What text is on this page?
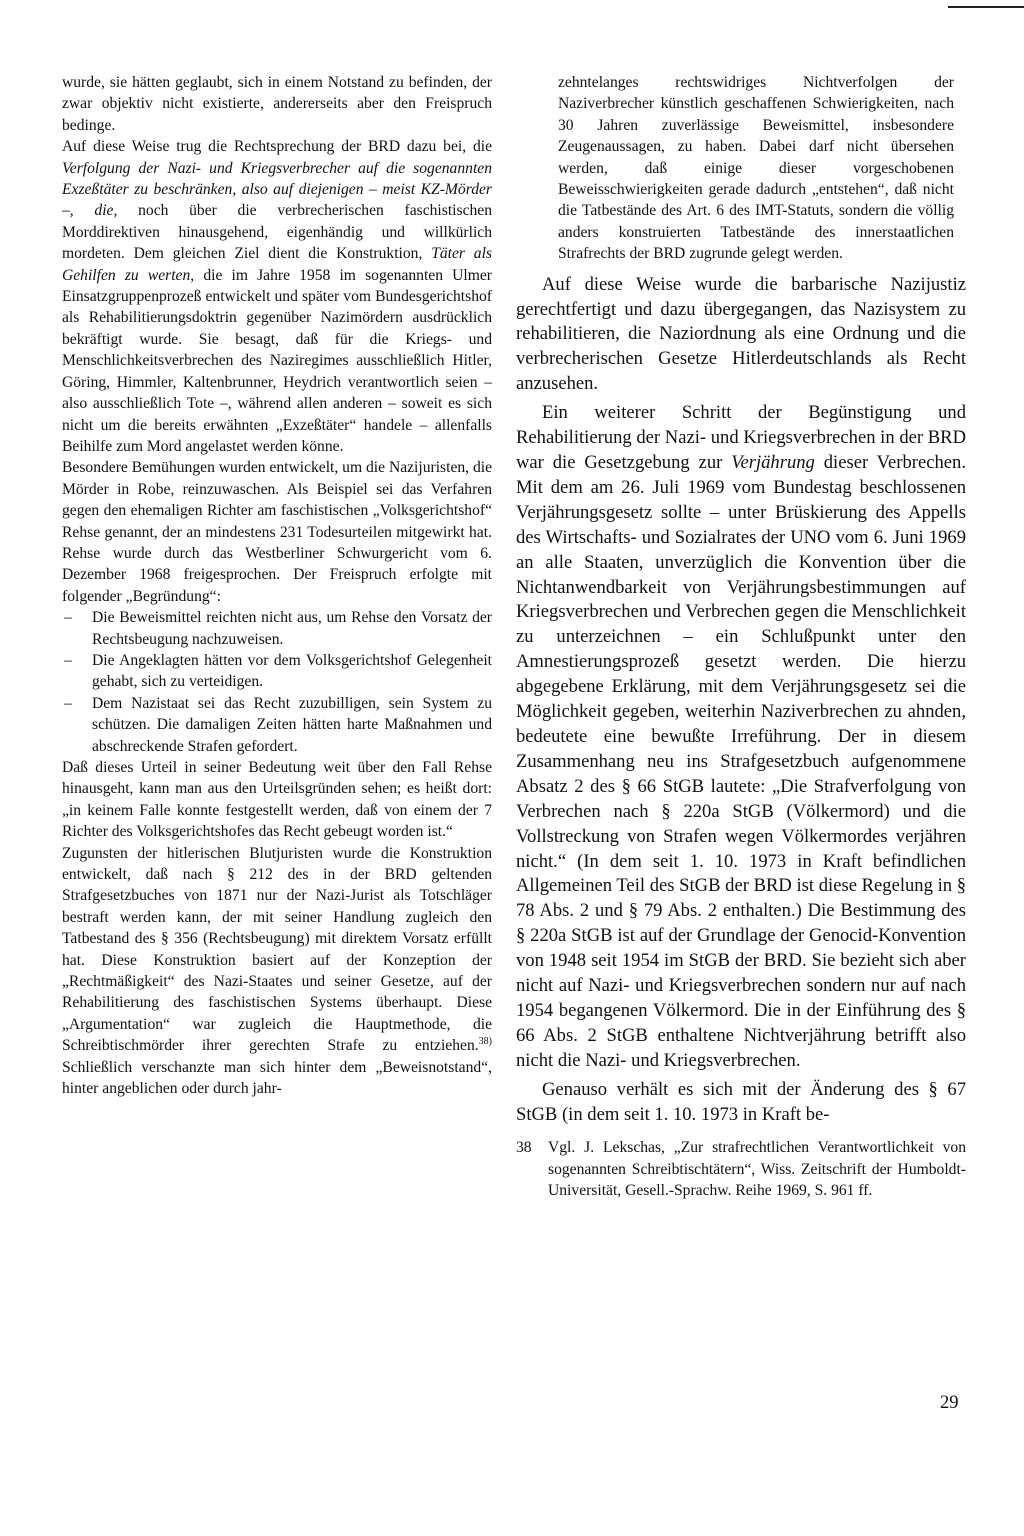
wurde, sie hätten geglaubt, sich in einem Notstand zu befinden, der zwar objektiv nicht existierte, andererseits aber den Freispruch bedinge.

Auf diese Weise trug die Rechtsprechung der BRD dazu bei, die Verfolgung der Nazi- und Kriegsverbrecher auf die sogenannten Exzeßtäter zu beschränken, also auf diejenigen – meist KZ-Mörder –, die, noch über die verbrecherischen faschistischen Morddirektiven hinausgehend, eigenhändig und willkürlich mordeten. Dem gleichen Ziel dient die Konstruktion, Täter als Gehilfen zu werten, die im Jahre 1958 im sogenannten Ulmer Einsatzgruppenprozeß entwickelt und später vom Bundesgerichtshof als Rehabilitierungsdoktrin gegenüber Nazimördern ausdrücklich bekräftigt wurde. Sie besagt, daß für die Kriegs- und Menschlichkeitsverbrechen des Naziregimes ausschließlich Hitler, Göring, Himmler, Kaltenbrunner, Heydrich verantwortlich seien – also ausschließlich Tote –, während allen anderen – soweit es sich nicht um die bereits erwähnten „Exzeßtäter“ handele – allenfalls Beihilfe zum Mord angelastet werden könne.

Besondere Bemühungen wurden entwickelt, um die Nazijuristen, die Mörder in Robe, reinzuwaschen. Als Beispiel sei das Verfahren gegen den ehemaligen Richter am faschistischen „Volksgerichtshof“ Rehse genannt, der an mindestens 231 Todesurteilen mitgewirkt hat. Rehse wurde durch das Westberliner Schwurgericht vom 6. Dezember 1968 freigesprochen. Der Freispruch erfolgte mit folgender „Begründung“:

– Die Beweismittel reichten nicht aus, um Rehse den Vorsatz der Rechtsbeugung nachzuweisen.
– Die Angeklagten hätten vor dem Volksgerichtshof Gelegenheit gehabt, sich zu verteidigen.
– Dem Nazistaat sei das Recht zuzubilligen, sein System zu schützen. Die damaligen Zeiten hätten harte Maßnahmen und abschreckende Strafen gefordert.

Daß dieses Urteil in seiner Bedeutung weit über den Fall Rehse hinausgeht, kann man aus den Urteilsgründen sehen; es heißt dort: „in keinem Falle konnte festgestellt werden, daß von einem der 7 Richter des Volksgerichtshofes das Recht gebeugt worden ist.“

Zugunsten der hitlerischen Blutjuristen wurde die Konstruktion entwickelt, daß nach § 212 des in der BRD geltenden Strafgesetzbuches von 1871 nur der Nazi-Jurist als Totschläger bestraft werden kann, der mit seiner Handlung zugleich den Tatbestand des § 356 (Rechtsbeugung) mit direktem Vorsatz erfüllt hat. Diese Konstruktion basiert auf der Konzeption der „Rechtmäßigkeit“ des Nazi-Staates und seiner Gesetze, auf der Rehabilitierung des faschistischen Systems überhaupt. Diese „Argumentation“ war zugleich die Hauptmethode, die Schreibtischmörder ihrer gerechten Strafe zu entziehen.$^{38)}$ Schließlich verschanzte man sich hinter dem „Beweisnotstand“, hinter angeblichen oder durch jahr-

zehntelanges rechtswidriges Nichtverfolgen der Naziverbrecher künstlich geschaffenen Schwierigkeiten, nach 30 Jahren zuverlässige Beweismittel, insbesondere Zeugenaussagen, zu haben. Dabei darf nicht übersehen werden, daß einige dieser vorgeschobenen Beweisschwierigkeiten gerade dadurch „entstehen“, daß nicht die Tatbestände des Art. 6 des IMT-Statuts, sondern die völlig anders konstruierten Tatbestände des innerstaatlichen Strafrechts der BRD zugrunde gelegt werden.

Auf diese Weise wurde die barbarische Nazijustiz gerechtfertigt und dazu übergegangen, das Nazisystem zu rehabilitieren, die Naziordnung als eine Ordnung und die verbrecherischen Gesetze Hitlerdeutschlands als Recht anzusehen.

Ein weiterer Schritt der Begünstigung und Rehabilitierung der Nazi- und Kriegsverbrechen in der BRD war die Gesetzgebung zur Verjährung dieser Verbrechen. Mit dem am 26. Juli 1969 vom Bundestag beschlossenen Verjährungsgesetz sollte – unter Brüskierung des Appells des Wirtschafts- und Sozialrates der UNO vom 6. Juni 1969 an alle Staaten, unverzüglich die Konvention über die Nichtanwendbarkeit von Verjährungsbestimmungen auf Kriegsverbrechen und Verbrechen gegen die Menschlichkeit zu unterzeichnen – ein Schlußpunkt unter den Amnestierungsprozeß gesetzt werden. Die hierzu abgegebene Erklärung, mit dem Verjährungsgesetz sei die Möglichkeit gegeben, weiterhin Naziverbrechen zu ahnden, bedeutete eine bewußte Irreführung. Der in diesem Zusammenhang neu ins Strafgesetzbuch aufgenommene Absatz 2 des § 66 StGB lautete: „Die Strafverfolgung von Verbrechen nach § 220a StGB (Völkermord) und die Vollstreckung von Strafen wegen Völkermordes verjähren nicht.“ (In dem seit 1. 10. 1973 in Kraft befindlichen Allgemeinen Teil des StGB der BRD ist diese Regelung in § 78 Abs. 2 und § 79 Abs. 2 enthalten.) Die Bestimmung des § 220a StGB ist auf der Grundlage der Genocid-Konvention von 1948 seit 1954 im StGB der BRD. Sie bezieht sich aber nicht auf Nazi- und Kriegsverbrechen sondern nur auf nach 1954 begangenen Völkermord. Die in der Einführung des § 66 Abs. 2 StGB enthaltene Nichtverjährung betrifft also nicht die Nazi- und Kriegsverbrechen.

Genauso verhält es sich mit der Änderung des § 67 StGB (in dem seit 1. 10. 1973 in Kraft be-

38	Vgl. J. Lekschas, „Zur strafrechtlichen Verantwortlichkeit von sogenannten Schreibtischtätern“, Wiss. Zeitschrift der Humboldt-Universität, Gesell.-Sprachw. Reihe 1969, S. 961 ff.
29
